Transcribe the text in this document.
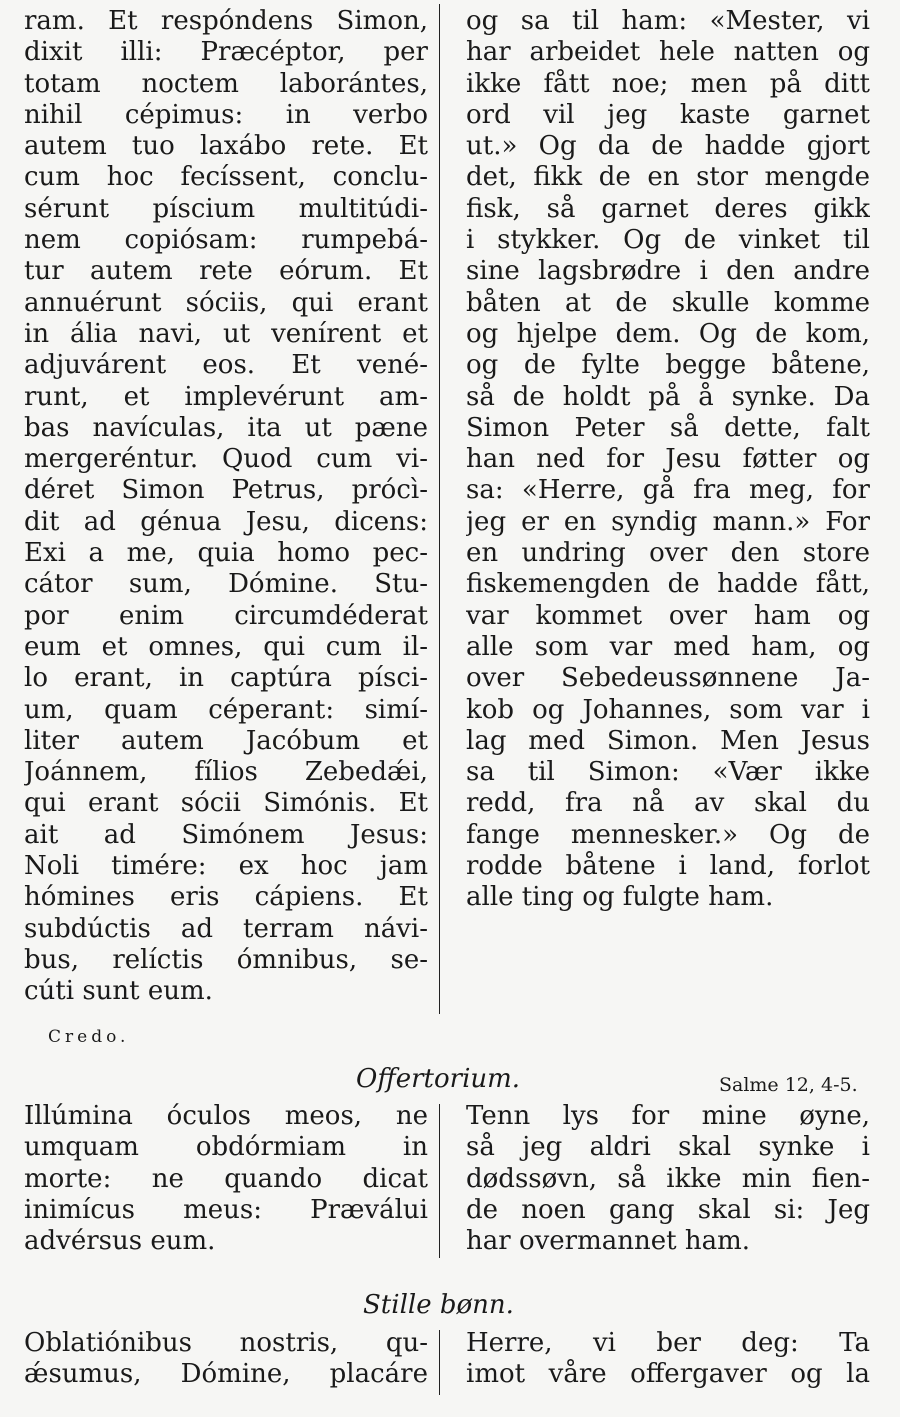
ram. Et respóndens Simon,
dixit illi: Præcéptor, per
totam noctem laborántes,
nihil cépimus: in verbo
autem tuo laxábo rete. Et
cum hoc fecíssent, conclu-
sérunt píscium multitúdi-
nem copiósam: rumpebá-
tur autem rete eórum. Et
annuérunt sóciis, qui erant
in ália navi, ut venírent et
adjuvárent eos. Et vené-
runt, et implevérunt am-
bas navículas, ita ut pæne
mergeréntur. Quod cum vi-
déret Simon Petrus, prócì-
dit ad génua Jesu, dicens:
Exi a me, quia homo pec-
cátor sum, Dómine. Stu-
por enim circumdéderat
eum et omnes, qui cum il-
lo erant, in captúra písci-
um, quam céperant: simí-
liter autem Jacóbum et
Joánnem, fílios Zebedǽi,
qui erant sócii Simónis. Et
ait ad Simónem Jesus:
Noli timére: ex hoc jam
hómines eris cápiens. Et
subdúctis ad terram návi-
bus, relíctis ómnibus, se-
cúti sunt eum.
og sa til ham: «Mester, vi
har arbeidet hele natten og
ikke fått noe; men på ditt
ord vil jeg kaste garnet
ut.» Og da de hadde gjort
det, fikk de en stor mengde
fisk, så garnet deres gikk
i stykker. Og de vinket til
sine lagsbrødre i den andre
båten at de skulle komme
og hjelpe dem. Og de kom,
og de fylte begge båtene,
så de holdt på å synke. Da
Simon Peter så dette, falt
han ned for Jesu føtter og
sa: «Herre, gå fra meg, for
jeg er en syndig mann.» For
en undring over den store
fiskemengden de hadde fått,
var kommet over ham og
alle som var med ham, og
over Sebedeussønnene Ja-
kob og Johannes, som var i
lag med Simon. Men Jesus
sa til Simon: «Vær ikke
redd, fra nå av skal du
fange mennesker.» Og de
rodde båtene i land, forlot
alle ting og fulgte ham.
Credo.
Offertorium.	Salme 12, 4-5.
Illúmina óculos meos, ne
umquam obdórmiam in
morte: ne quando dicat
inimícus meus: Præválui
advérsus eum.
Tenn lys for mine øyne,
så jeg aldri skal synke i
dødssøvn, så ikke min fien-
de noen gang skal si: Jeg
har overmannet ham.
Stille bønn.
Oblatiónibus nostris, qu-
ǽsumus, Dómine, placáre
Herre, vi ber deg: Ta
imot våre offergaver og la
